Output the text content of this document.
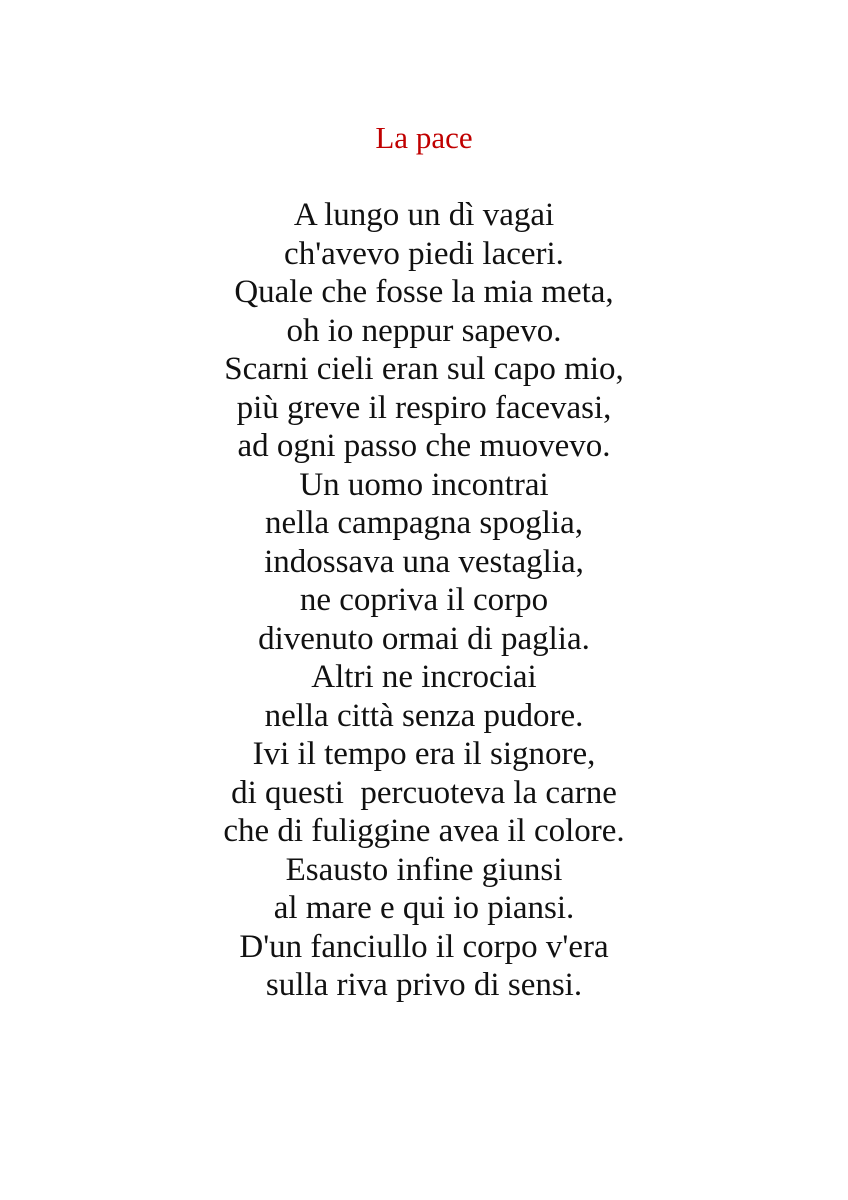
La pace
A lungo un dì vagai
ch'avevo piedi laceri.
Quale che fosse la mia meta,
oh io neppur sapevo.
Scarni cieli eran sul capo mio,
più greve il respiro facevasi,
ad ogni passo che muovevo.
Un uomo incontrai
nella campagna spoglia,
indossava una vestaglia,
ne copriva il corpo
divenuto ormai di paglia.
Altri ne incrociai
nella città senza pudore.
Ivi il tempo era il signore,
di questi  percuoteva la carne
che di fuliggine avea il colore.
Esausto infine giunsi
al mare e qui io piansi.
D'un fanciullo il corpo v'era
sulla riva privo di sensi.
